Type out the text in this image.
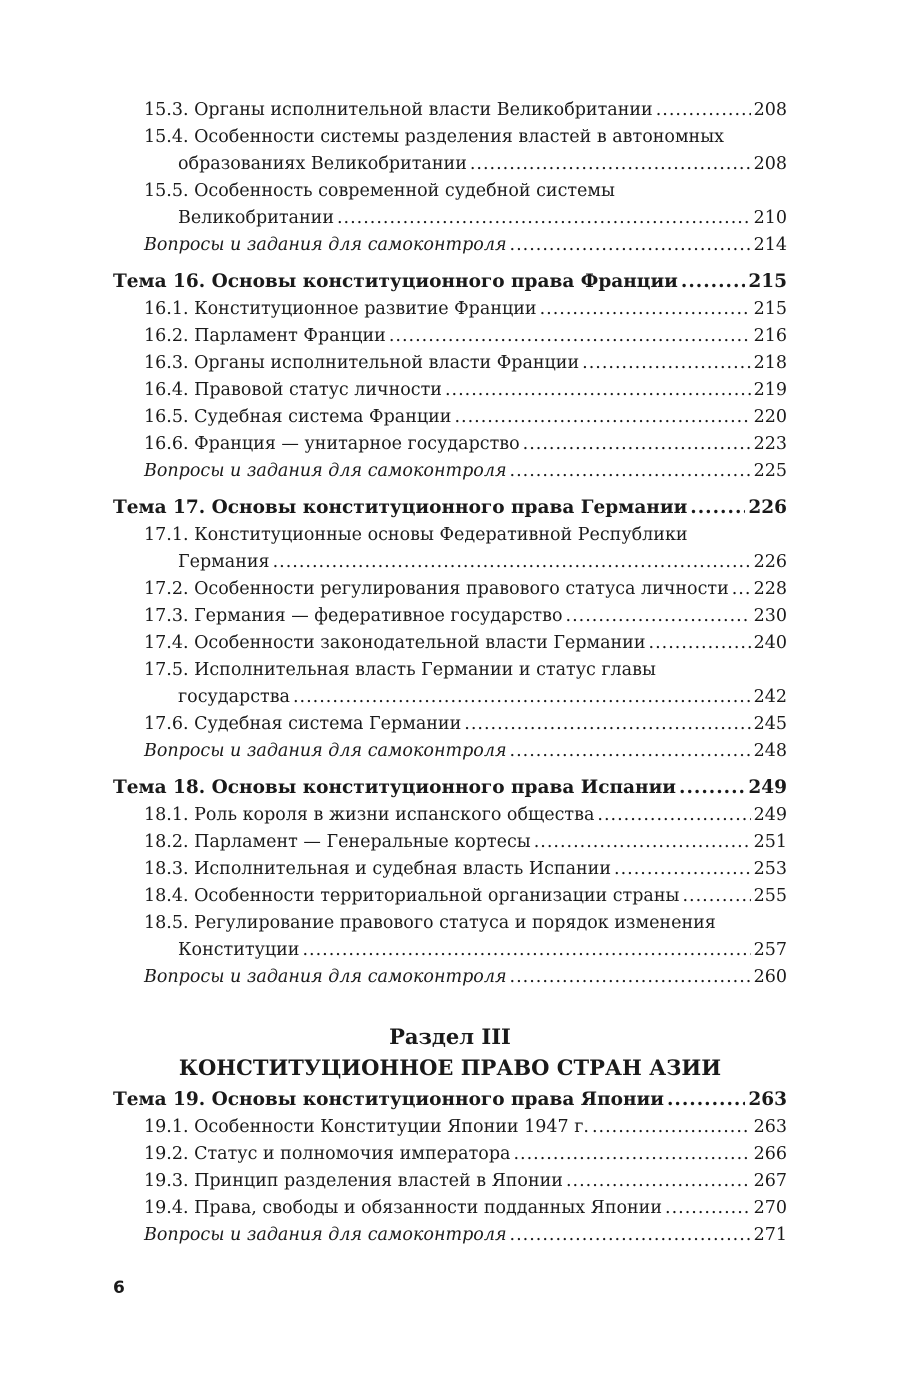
15.3. Органы исполнительной власти Великобритании .....	208
15.4. Особенности системы разделения властей в автономных
образованиях Великобритании .....	208
15.5. Особенность современной судебной системы
Великобритании .....	210
Вопросы и задания для самоконтроля .....	214
Тема 16. Основы конституционного права Франции .....	215
16.1. Конституционное развитие Франции .....	215
16.2. Парламент Франции .....	216
16.3. Органы исполнительной власти Франции .....	218
16.4. Правовой статус личности .....	219
16.5. Судебная система Франции .....	220
16.6. Франция — унитарное государство .....	223
Вопросы и задания для самоконтроля .....	225
Тема 17. Основы конституционного права Германии .....	226
17.1. Конституционные основы Федеративной Республики
Германия .....	226
17.2. Особенности регулирования правового статуса личности ..... 228
17.3. Германия — федеративное государство .....	230
17.4. Особенности законодательной власти Германии .....	240
17.5. Исполнительная власть Германии и статус главы
государства .....	242
17.6. Судебная система Германии .....	245
Вопросы и задания для самоконтроля .....	248
Тема 18. Основы конституционного права Испании .....	249
18.1. Роль короля в жизни испанского общества .....	249
18.2. Парламент — Генеральные кортесы .....	251
18.3. Исполнительная и судебная власть Испании .....	253
18.4. Особенности территориальной организации страны .....	255
18.5. Регулирование правового статуса и порядок изменения
Конституции .....	257
Вопросы и задания для самоконтроля .....	260
Раздел III
КОНСТИТУЦИОННОЕ ПРАВО СТРАН АЗИИ
Тема 19. Основы конституционного права Японии .....	263
19.1. Особенности Конституции Японии 1947 г. .....	263
19.2. Статус и полномочия императора .....	266
19.3. Принцип разделения властей в Японии .....	267
19.4. Права, свободы и обязанности подданных Японии .....	270
Вопросы и задания для самоконтроля .....	271
6
